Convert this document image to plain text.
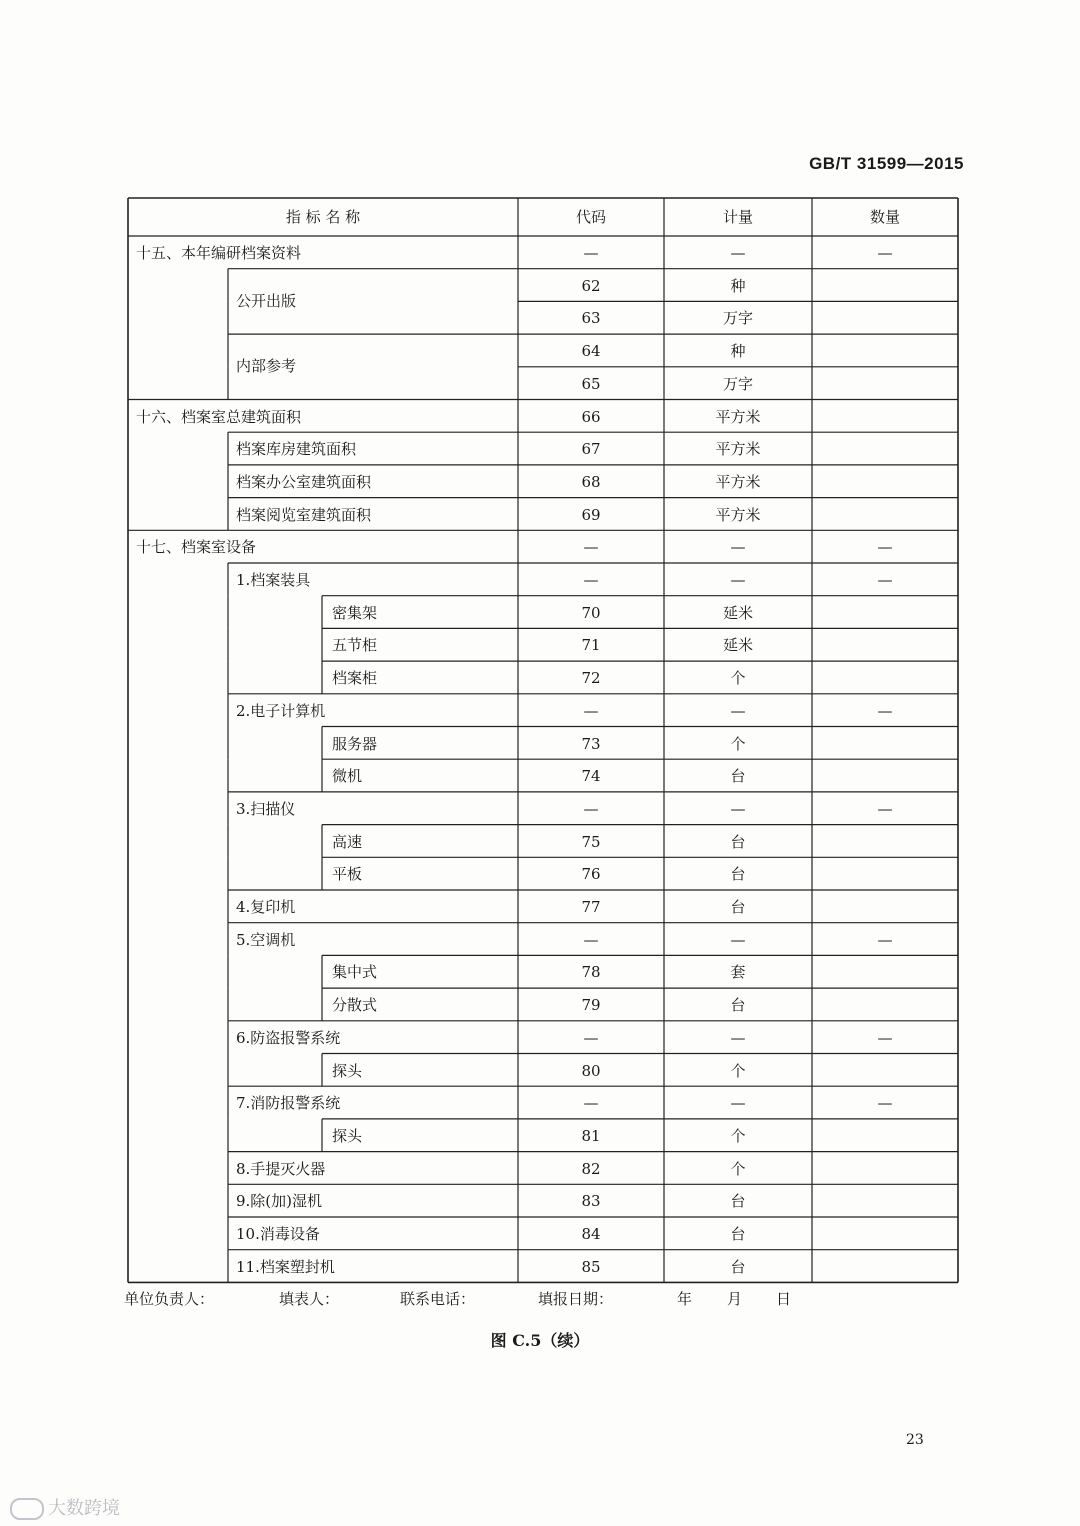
GB/T 31599—2015
指 标 名 称	代码	计量	数量
十五、本年编研档案资料	—	—	—
公开出版
62	种
63	万字
内部参考
64	种
65	万字
十六、档案室总建筑面积	66	平方米
档案库房建筑面积	67	平方米
档案办公室建筑面积	68	平方米
档案阅览室建筑面积	69	平方米
十七、档案室设备	—	—	—
1.档案装具	—	—	—
密集架	70	延米
五节柜	71	延米
档案柜	72	个
2.电子计算机	—	—	—
服务器	73	个
微机	74	台
3.扫描仪	—	—	—
高速	75	台
平板	76	台
4.复印机	77	台
5.空调机	—	—	—
集中式	78	套
分散式	79	台
6.防盗报警系统	—	—	—
探头	80	个
7.消防报警系统	—	—	—
探头	81	个
8.手提灭火器	82	个
9.除(加)湿机	83	台
10.消毒设备	84	台
11.档案塑封机	85	台
单位负责人：	填表人：	联系电话：	填报日期：	年 月 日
图 C.5（续）
23
大数跨境
